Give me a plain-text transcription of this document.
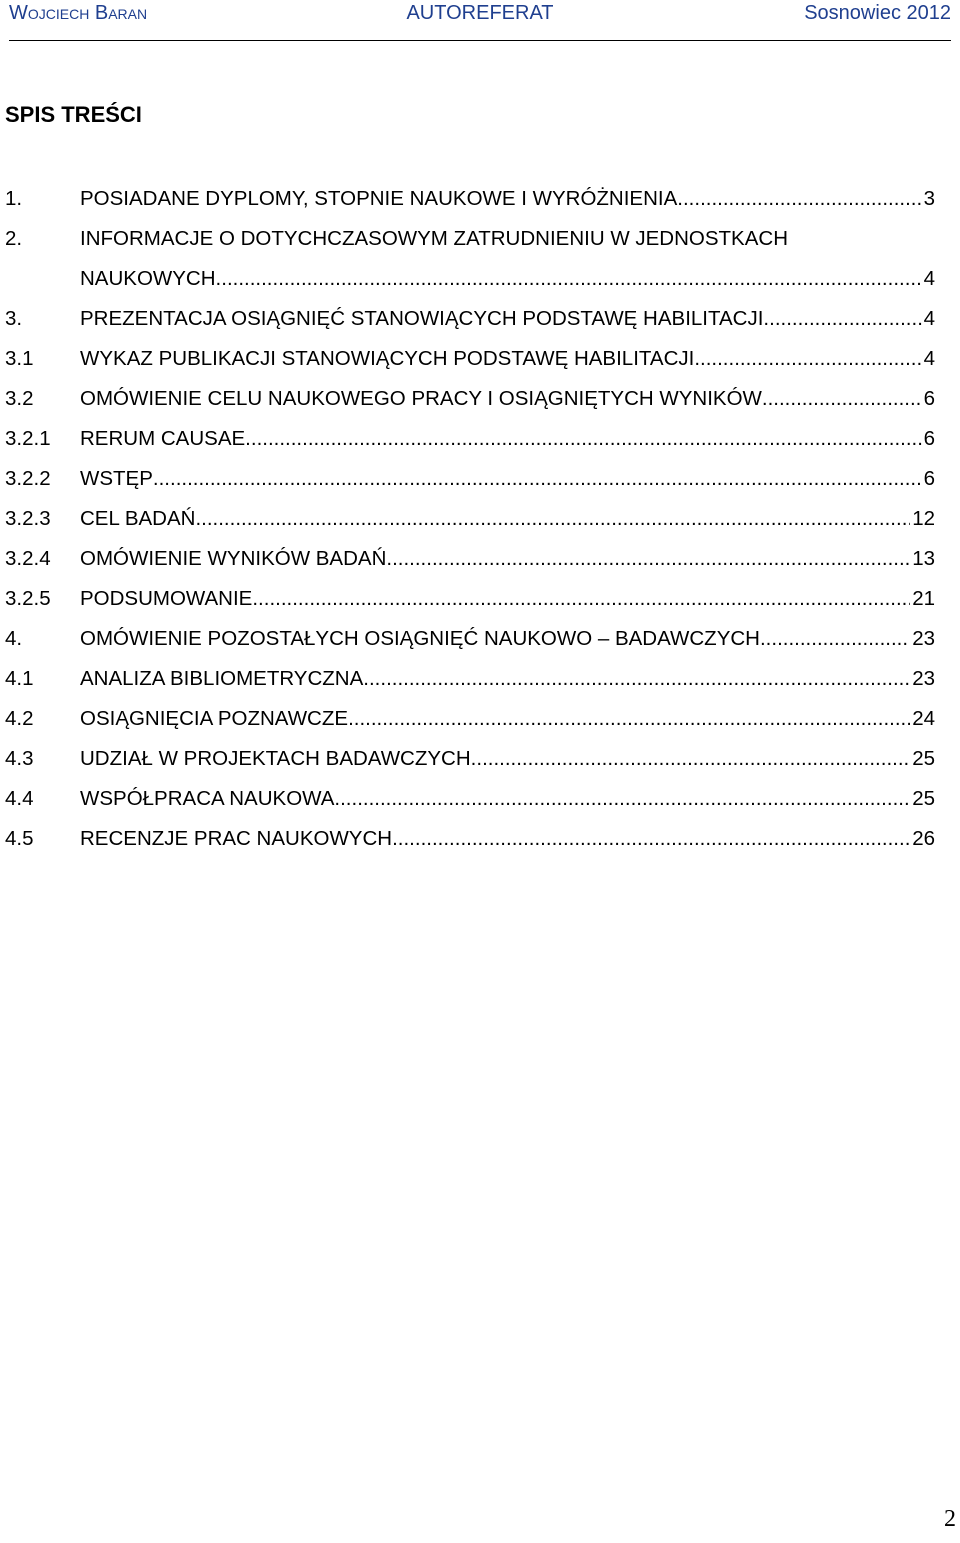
Wojciech Baran	AUTOREFERAT	Sosnowiec 2012
SPIS TREŚCI
1.	POSIADANE DYPLOMY, STOPNIE NAUKOWE I WYRÓŻNIENIA .....	3
2.	INFORMACJE O DOTYCHCZASOWYM ZATRUDNIENIU W JEDNOSTKACH
NAUKOWYCH .....	4
3.	PREZENTACJA OSIĄGNIĘĆ STANOWIĄCYCH PODSTAWĘ HABILITACJI .....	4
3.1 WYKAZ PUBLIKACJI STANOWIĄCYCH PODSTAWĘ HABILITACJI .....	4
3.2 OMÓWIENIE CELU NAUKOWEGO PRACY I OSIĄGNIĘTYCH WYNIKÓW .....	6
3.2.1 RERUM CAUSAE .....	6
3.2.2 WSTĘP .....	6
3.2.3 CEL BADAŃ .....	12
3.2.4 OMÓWIENIE WYNIKÓW BADAŃ .....	13
3.2.5 PODSUMOWANIE .....	21
4.	OMÓWIENIE POZOSTAŁYCH OSIĄGNIĘĆ NAUKOWO – BADAWCZYCH .....	23
4.1 ANALIZA BIBLIOMETRYCZNA .....	23
4.2 OSIĄGNIĘCIA POZNAWCZE .....	24
4.3 UDZIAŁ W PROJEKTACH BADAWCZYCH .....	25
4.4 WSPÓŁPRACA NAUKOWA .....	25
4.5 RECENZJE PRAC NAUKOWYCH .....	26
2
